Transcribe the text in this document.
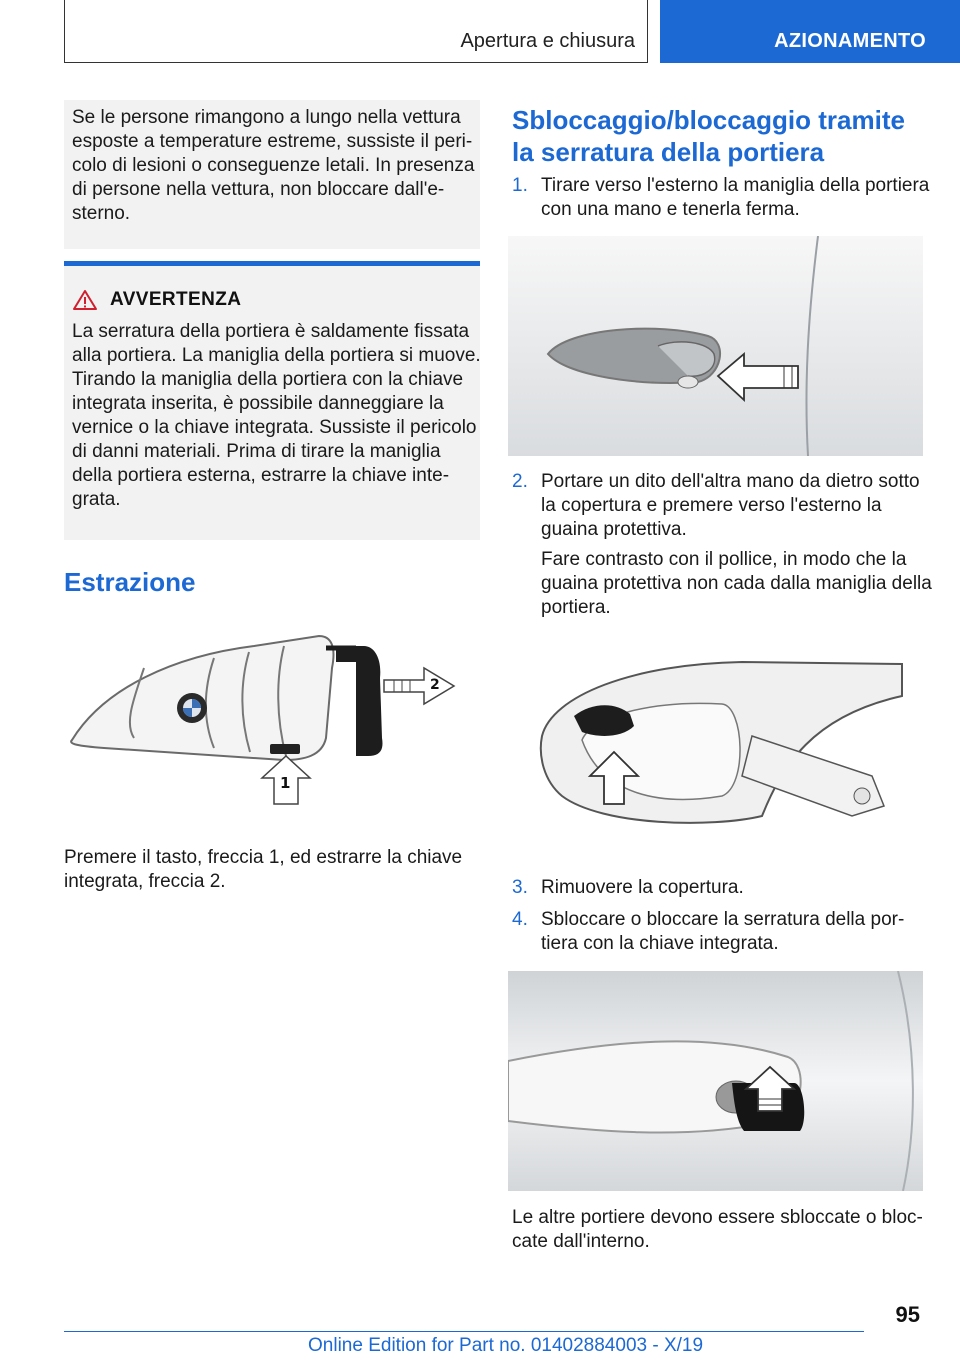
Apertura e chiusura	AZIONAMENTO
Se le persone rimangono a lungo nella vettura
esposte a temperature estreme, sussiste il peri-
colo di lesioni o conseguenze letali. In presenza
di persone nella vettura, non bloccare dall'e-
sterno.
AVVERTENZA
La serratura della portiera è saldamente fissata
alla portiera. La maniglia della portiera si muove.
Tirando la maniglia della portiera con la chiave
integrata inserita, è possibile danneggiare la
vernice o la chiave integrata. Sussiste il pericolo
di danni materiali. Prima di tirare la maniglia
della portiera esterna, estrarre la chiave inte-
grata.
Estrazione
2
1
Premere il tasto, freccia 1, ed estrarre la chiave
integrata, freccia 2.
Sbloccaggio/bloccaggio tramite
la serratura della portiera
1. Tirare verso l'esterno la maniglia della portiera
con una mano e tenerla ferma.
2. Portare un dito dell'altra mano da dietro sotto
la copertura e premere verso l'esterno la
guaina protettiva.
Fare contrasto con il pollice, in modo che la
guaina protettiva non cada dalla maniglia della
portiera.
3. Rimuovere la copertura.
4. Sbloccare o bloccare la serratura della por-
tiera con la chiave integrata.
Le altre portiere devono essere sbloccate o bloc-
cate dall'interno.
95
Online Edition for Part no. 01402884003 - X/19
